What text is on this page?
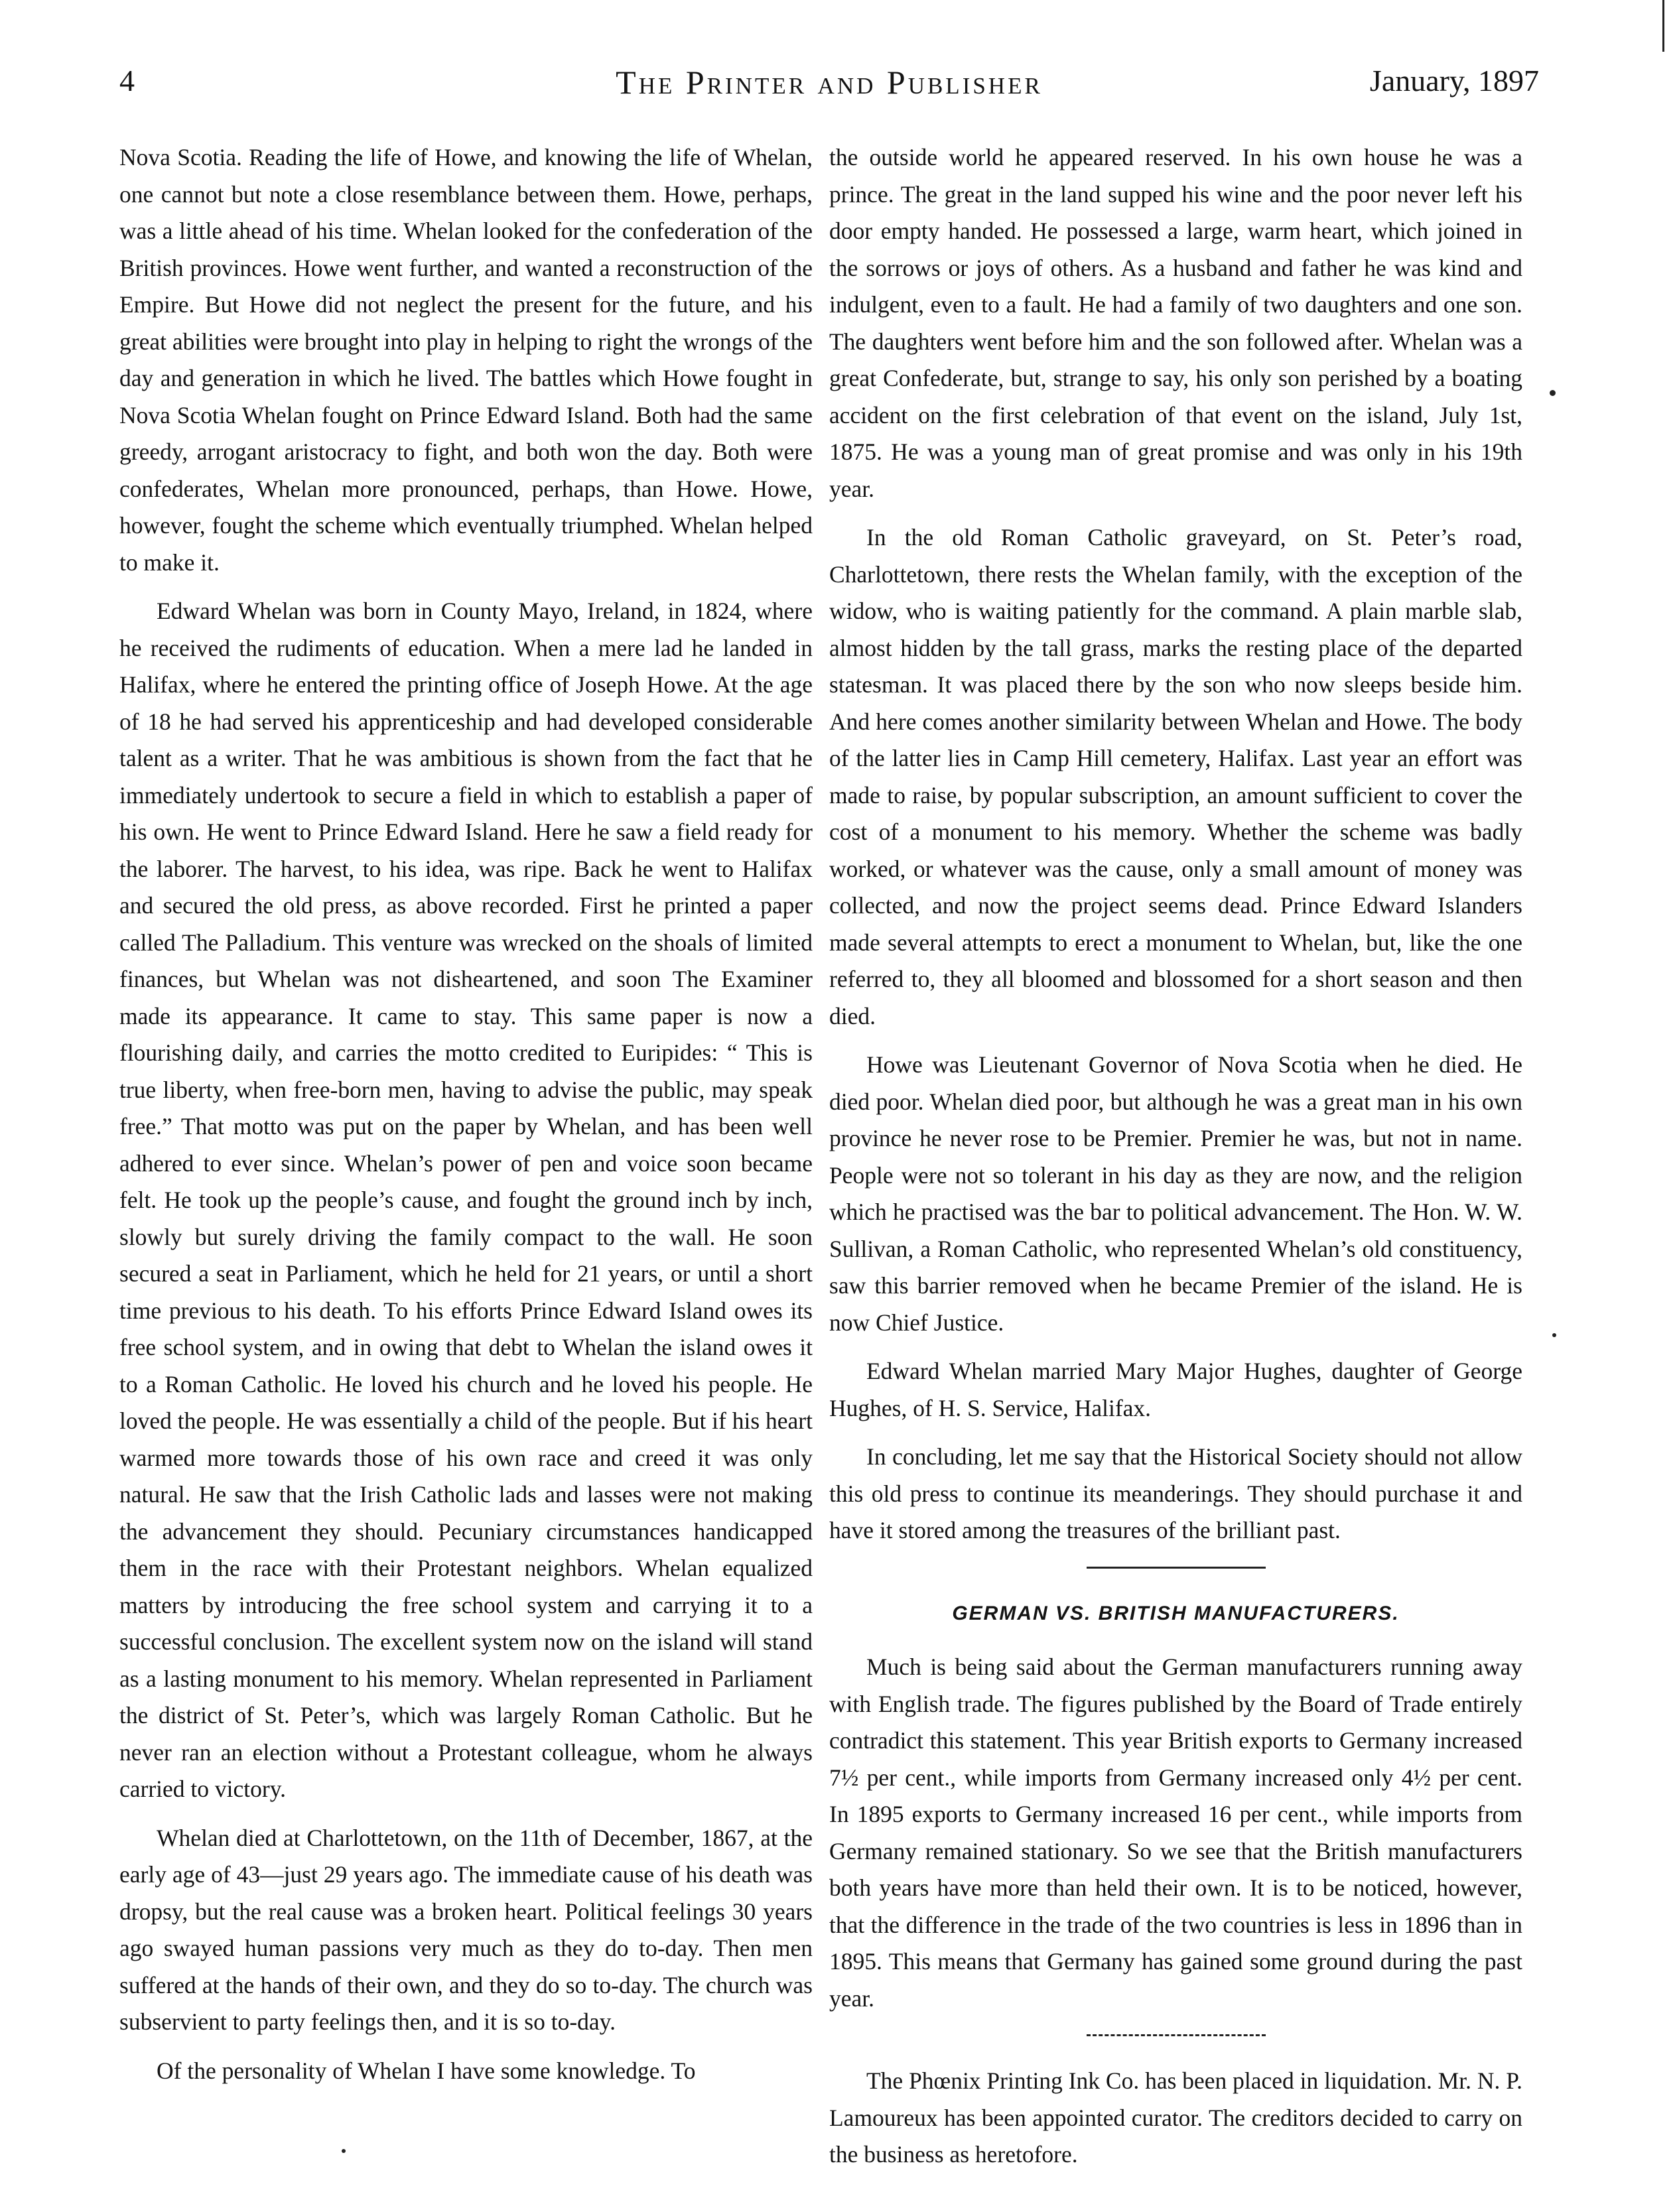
4	The Printer and Publisher	January, 1897

Nova Scotia. Reading the life of Howe, and knowing the life of Whelan, one cannot but note a close resemblance between them. Howe, perhaps, was a little ahead of his time. Whelan looked for the confederation of the British provinces. Howe went further, and wanted a reconstruction of the Empire. But Howe did not neglect the present for the future, and his great abilities were brought into play in helping to right the wrongs of the day and generation in which he lived. The battles which Howe fought in Nova Scotia Whelan fought on Prince Edward Island. Both had the same greedy, arrogant aristocracy to fight, and both won the day. Both were confederates, Whelan more pronounced, perhaps, than Howe. Howe, however, fought the scheme which eventually triumphed. Whelan helped to make it.

Edward Whelan was born in County Mayo, Ireland, in 1824, where he received the rudiments of education. When a mere lad he landed in Halifax, where he entered the printing office of Joseph Howe. At the age of 18 he had served his apprenticeship and had developed considerable talent as a writer. That he was ambitious is shown from the fact that he immediately undertook to secure a field in which to establish a paper of his own. He went to Prince Edward Island. Here he saw a field ready for the laborer. The harvest, to his idea, was ripe. Back he went to Halifax and secured the old press, as above recorded. First he printed a paper called The Palladium. This venture was wrecked on the shoals of limited finances, but Whelan was not disheartened, and soon The Examiner made its appearance. It came to stay. This same paper is now a flourishing daily, and carries the motto credited to Euripides: “ This is true liberty, when free-born men, having to advise the public, may speak free.” That motto was put on the paper by Whelan, and has been well adhered to ever since. Whelan’s power of pen and voice soon became felt. He took up the people’s cause, and fought the ground inch by inch, slowly but surely driving the family compact to the wall. He soon secured a seat in Parliament, which he held for 21 years, or until a short time previous to his death. To his efforts Prince Edward Island owes its free school system, and in owing that debt to Whelan the island owes it to a Roman Catholic. He loved his church and he loved his people. He loved the people. He was essentially a child of the people. But if his heart warmed more towards those of his own race and creed it was only natural. He saw that the Irish Catholic lads and lasses were not making the advancement they should. Pecuniary circumstances handicapped them in the race with their Protestant neighbors. Whelan equalized matters by introducing the free school system and carrying it to a successful conclusion. The excellent system now on the island will stand as a lasting monument to his memory. Whelan represented in Parliament the district of St. Peter’s, which was largely Roman Catholic. But he never ran an election without a Protestant colleague, whom he always carried to victory.

Whelan died at Charlottetown, on the 11th of December, 1867, at the early age of 43—just 29 years ago. The immediate cause of his death was dropsy, but the real cause was a broken heart. Political feelings 30 years ago swayed human passions very much as they do to-day. Then men suffered at the hands of their own, and they do so to-day. The church was subservient to party feelings then, and it is so to-day.

Of the personality of Whelan I have some knowledge. To

the outside world he appeared reserved. In his own house he was a prince. The great in the land supped his wine and the poor never left his door empty handed. He possessed a large, warm heart, which joined in the sorrows or joys of others. As a husband and father he was kind and indulgent, even to a fault. He had a family of two daughters and one son. The daughters went before him and the son followed after. Whelan was a great Confederate, but, strange to say, his only son perished by a boating accident on the first celebration of that event on the island, July 1st, 1875. He was a young man of great promise and was only in his 19th year.

In the old Roman Catholic graveyard, on St. Peter’s road, Charlottetown, there rests the Whelan family, with the exception of the widow, who is waiting patiently for the command. A plain marble slab, almost hidden by the tall grass, marks the resting place of the departed statesman. It was placed there by the son who now sleeps beside him. And here comes another similarity between Whelan and Howe. The body of the latter lies in Camp Hill cemetery, Halifax. Last year an effort was made to raise, by popular subscription, an amount sufficient to cover the cost of a monument to his memory. Whether the scheme was badly worked, or whatever was the cause, only a small amount of money was collected, and now the project seems dead. Prince Edward Islanders made several attempts to erect a monument to Whelan, but, like the one referred to, they all bloomed and blossomed for a short season and then died.

Howe was Lieutenant Governor of Nova Scotia when he died. He died poor. Whelan died poor, but although he was a great man in his own province he never rose to be Premier. Premier he was, but not in name. People were not so tolerant in his day as they are now, and the religion which he practised was the bar to political advancement. The Hon. W. W. Sullivan, a Roman Catholic, who represented Whelan’s old constituency, saw this barrier removed when he became Premier of the island. He is now Chief Justice.

Edward Whelan married Mary Major Hughes, daughter of George Hughes, of H. S. Service, Halifax.

In concluding, let me say that the Historical Society should not allow this old press to continue its meanderings. They should purchase it and have it stored among the treasures of the brilliant past.

GERMAN VS. BRITISH MANUFACTURERS.

Much is being said about the German manufacturers running away with English trade. The figures published by the Board of Trade entirely contradict this statement. This year British exports to Germany increased 7½ per cent., while imports from Germany increased only 4½ per cent. In 1895 exports to Germany increased 16 per cent., while imports from Germany remained stationary. So we see that the British manufacturers both years have more than held their own. It is to be noticed, however, that the difference in the trade of the two countries is less in 1896 than in 1895. This means that Germany has gained some ground during the past year.

The Phœnix Printing Ink Co. has been placed in liquidation. Mr. N. P. Lamoureux has been appointed curator. The creditors decided to carry on the business as heretofore.
